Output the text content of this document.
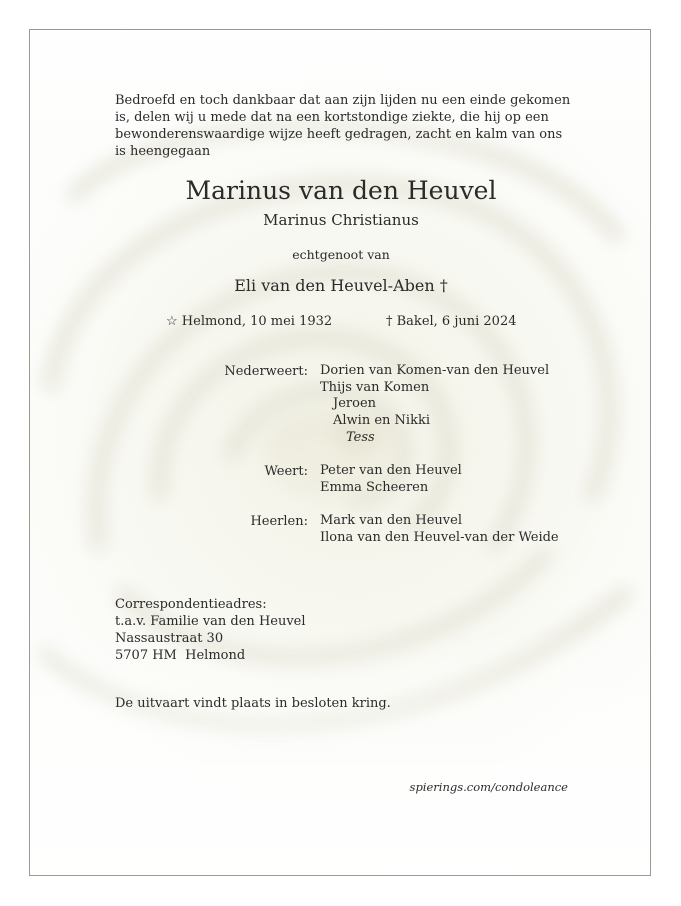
Bedroefd en toch dankbaar dat aan zijn lijden nu een einde gekomen is, delen wij u mede dat na een kortstondige ziekte, die hij op een bewonderenswaardige wijze heeft gedragen, zacht en kalm van ons is heengegaan

Marinus van den Heuvel
Marinus Christianus
echtgenoot van
Eli van den Heuvel-Aben †
☆ Helmond, 10 mei 1932	† Bakel, 6 juni 2024
Nederweert: Dorien van Komen-van den Heuvel
Thijs van Komen
Jeroen
Alwin en Nikki
Tess
Weert: Peter van den Heuvel
Emma Scheeren
Heerlen: Mark van den Heuvel
Ilona van den Heuvel-van der Weide
Correspondentieadres:
t.a.v. Familie van den Heuvel
Nassaustraat 30
5707 HM  Helmond
De uitvaart vindt plaats in besloten kring.
spierings.com/condoleance
